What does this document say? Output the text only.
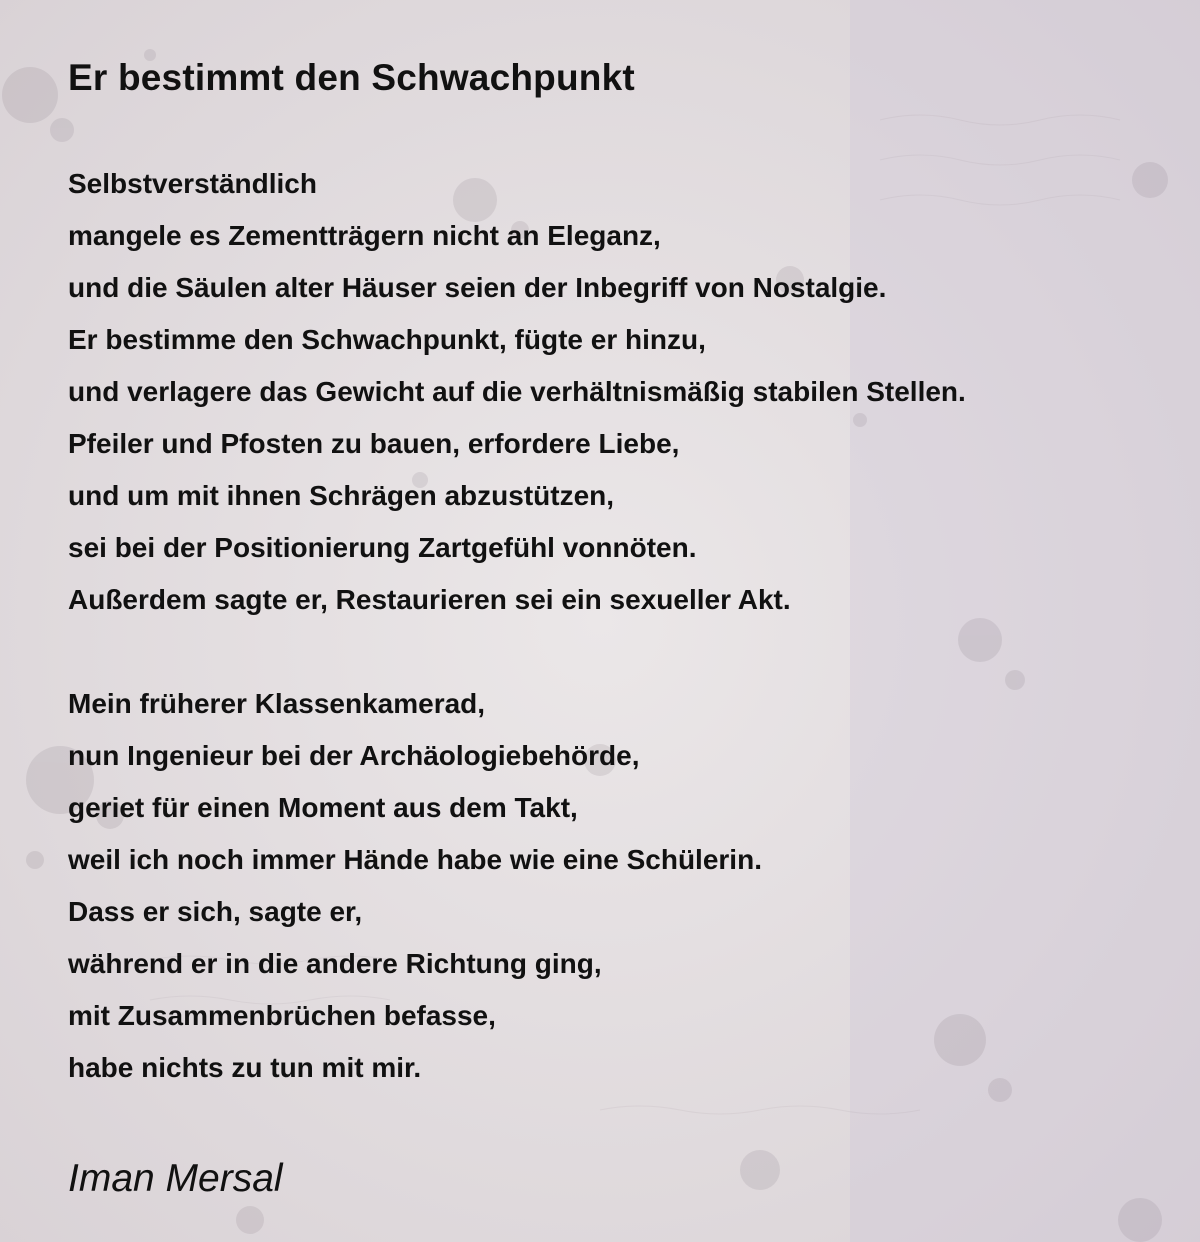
Er bestimmt den Schwachpunkt
Selbstverständlich
mangele es Zementträgern nicht an Eleganz,
und die Säulen alter Häuser seien der Inbegriff von Nostalgie.
Er bestimme den Schwachpunkt, fügte er hinzu,
und verlagere das Gewicht auf die verhältnismäßig stabilen Stellen.
Pfeiler und Pfosten zu bauen, erfordere Liebe,
und um mit ihnen Schrägen abzustützen,
sei bei der Positionierung Zartgefühl vonnöten.
Außerdem sagte er, Restaurieren sei ein sexueller Akt.
Mein früherer Klassenkamerad,
nun Ingenieur bei der Archäologiebehörde,
geriet für einen Moment aus dem Takt,
weil ich noch immer Hände habe wie eine Schülerin.
Dass er sich, sagte er,
während er in die andere Richtung ging,
mit Zusammenbrüchen befasse,
habe nichts zu tun mit mir.
Iman Mersal
